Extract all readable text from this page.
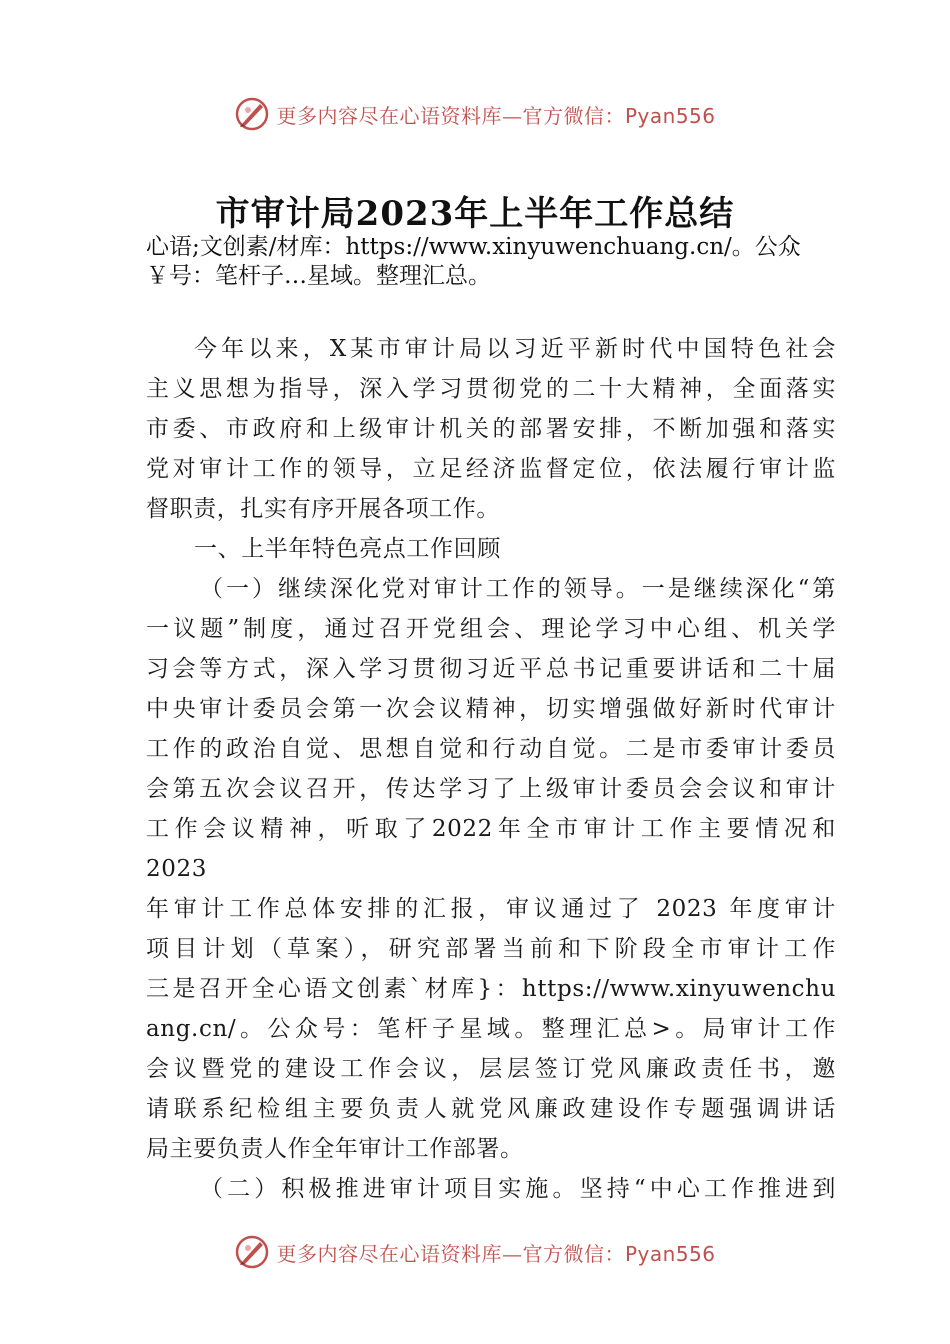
更多内容尽在心语资料库—官方微信：Pyan556
市审计局2023年上半年工作总结
心语;文创素/材库：https://www.xinyuwenchuang.cn/。公众
￥号：笔杆子…星域。整理汇总。
今年以来，X某市审计局以习近平新时代中国特色社会
主义思想为指导，深入学习贯彻党的二十大精神，全面落实
市委、市政府和上级审计机关的部署安排，不断加强和落实
党对审计工作的领导，立足经济监督定位，依法履行审计监
督职责，扎实有序开展各项工作。
一、上半年特色亮点工作回顾
（一）继续深化党对审计工作的领导。一是继续深化“第
一议题”制度，通过召开党组会、理论学习中心组、机关学
习会等方式，深入学习贯彻习近平总书记重要讲话和二十届
中央审计委员会第一次会议精神，切实增强做好新时代审计
工作的政治自觉、思想自觉和行动自觉。二是市委审计委员
会第五次会议召开，传达学习了上级审计委员会会议和审计
工作会议精神，听取了2022年全市审计工作主要情况和
2023
年审计工作总体安排的汇报，审议通过了 2023 年度审计
项目计划（草案），研究部署当前和下阶段全市审计工作
三是召开全心语文创素`材库}：https://www.xinyuwenchu
ang.cn/。公众号：笔杆子星域。整理汇总>。局审计工作
会议暨党的建设工作会议，层层签订党风廉政责任书，邀
请联系纪检组主要负责人就党风廉政建设作专题强调讲话
局主要负责人作全年审计工作部署。
（二）积极推进审计项目实施。坚持“中心工作推进到
更多内容尽在心语资料库—官方微信：Pyan556
